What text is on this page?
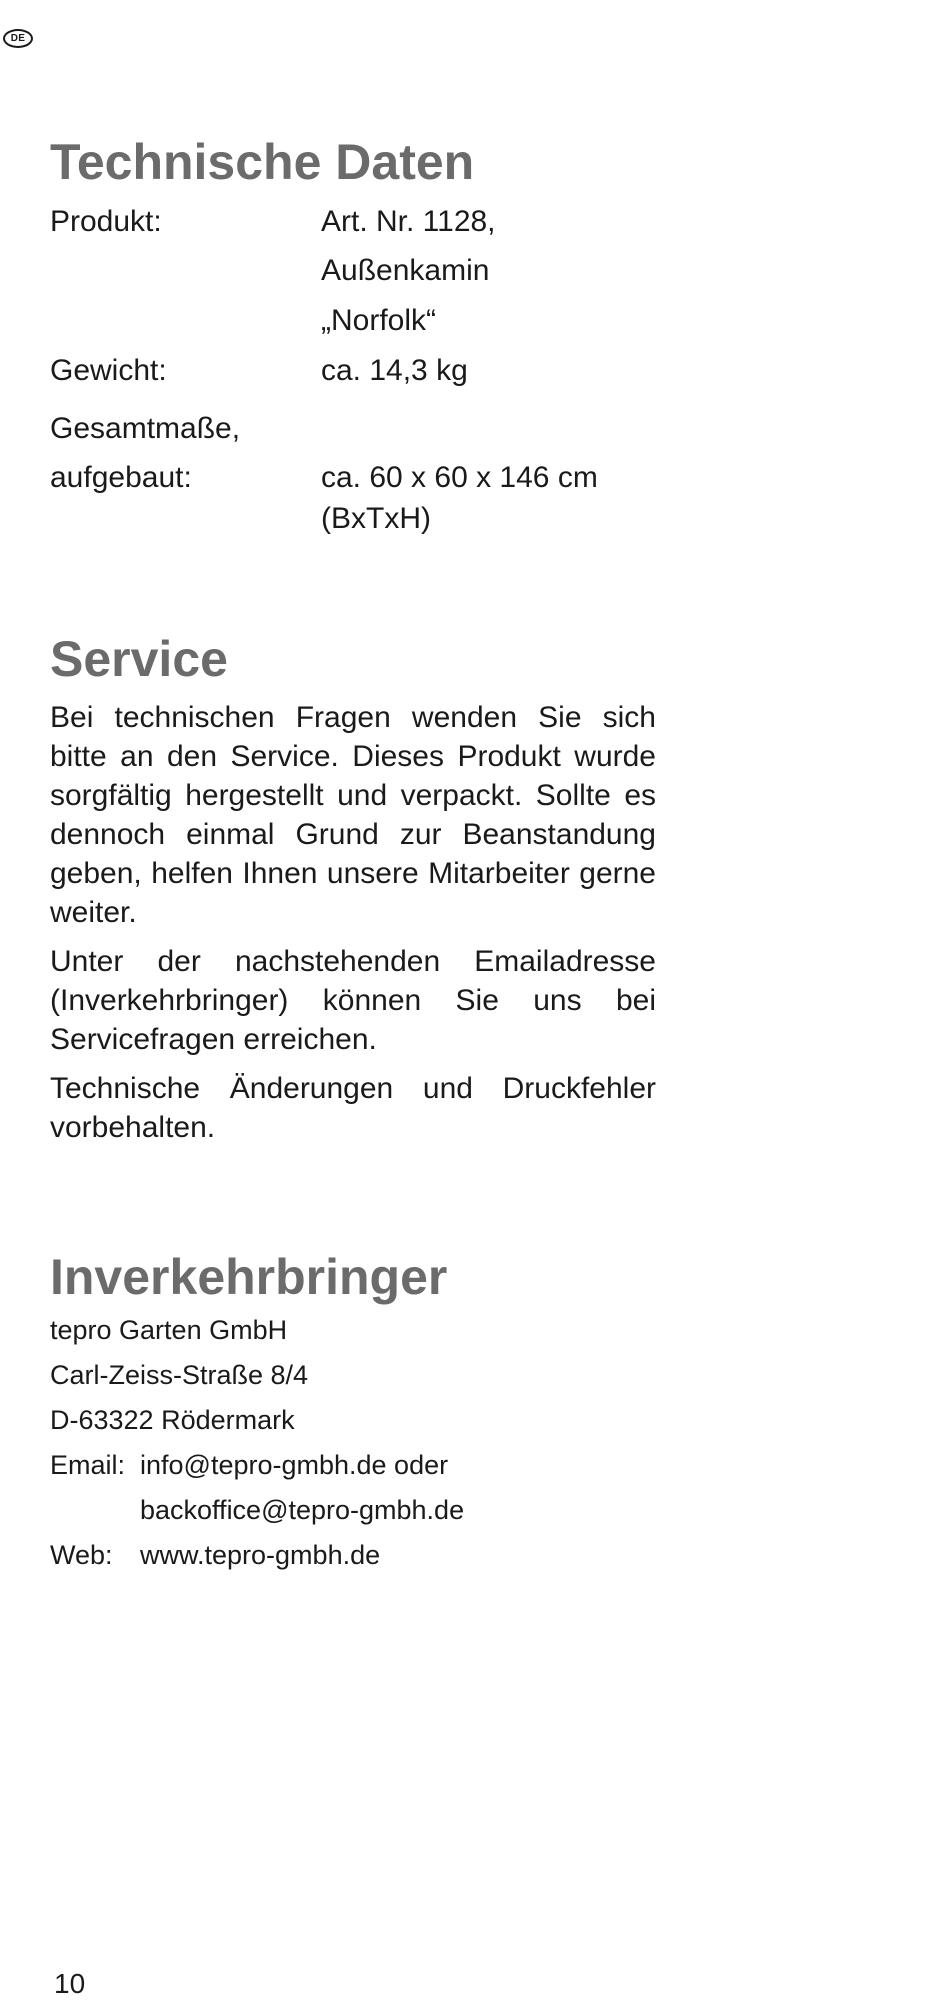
DE
Technische Daten
Produkt:	Art. Nr. 1128,
Außenkamin
„Norfolk“
Gewicht:	ca. 14,3 kg
Gesamtmaße,
aufgebaut:	ca. 60 x 60 x 146 cm
(BxTxH)
Service

Bei technischen Fragen wenden Sie sich bitte an den Service. Dieses Produkt wurde sorgfältig hergestellt und verpackt. Sollte es dennoch einmal Grund zur Beanstandung geben, helfen Ihnen unsere Mitarbeiter gerne weiter.

Unter der nachstehenden Emailadresse (Inverkehrbringer) können Sie uns bei Servicefragen erreichen.

Technische Änderungen und Druckfehler vorbehalten.

Inverkehrbringer
tepro Garten GmbH
Carl-Zeiss-Straße 8/4
D-63322 Rödermark
Email: info@tepro-gmbh.de oder
backoffice@tepro-gmbh.de
Web:	www.tepro-gmbh.de
10
